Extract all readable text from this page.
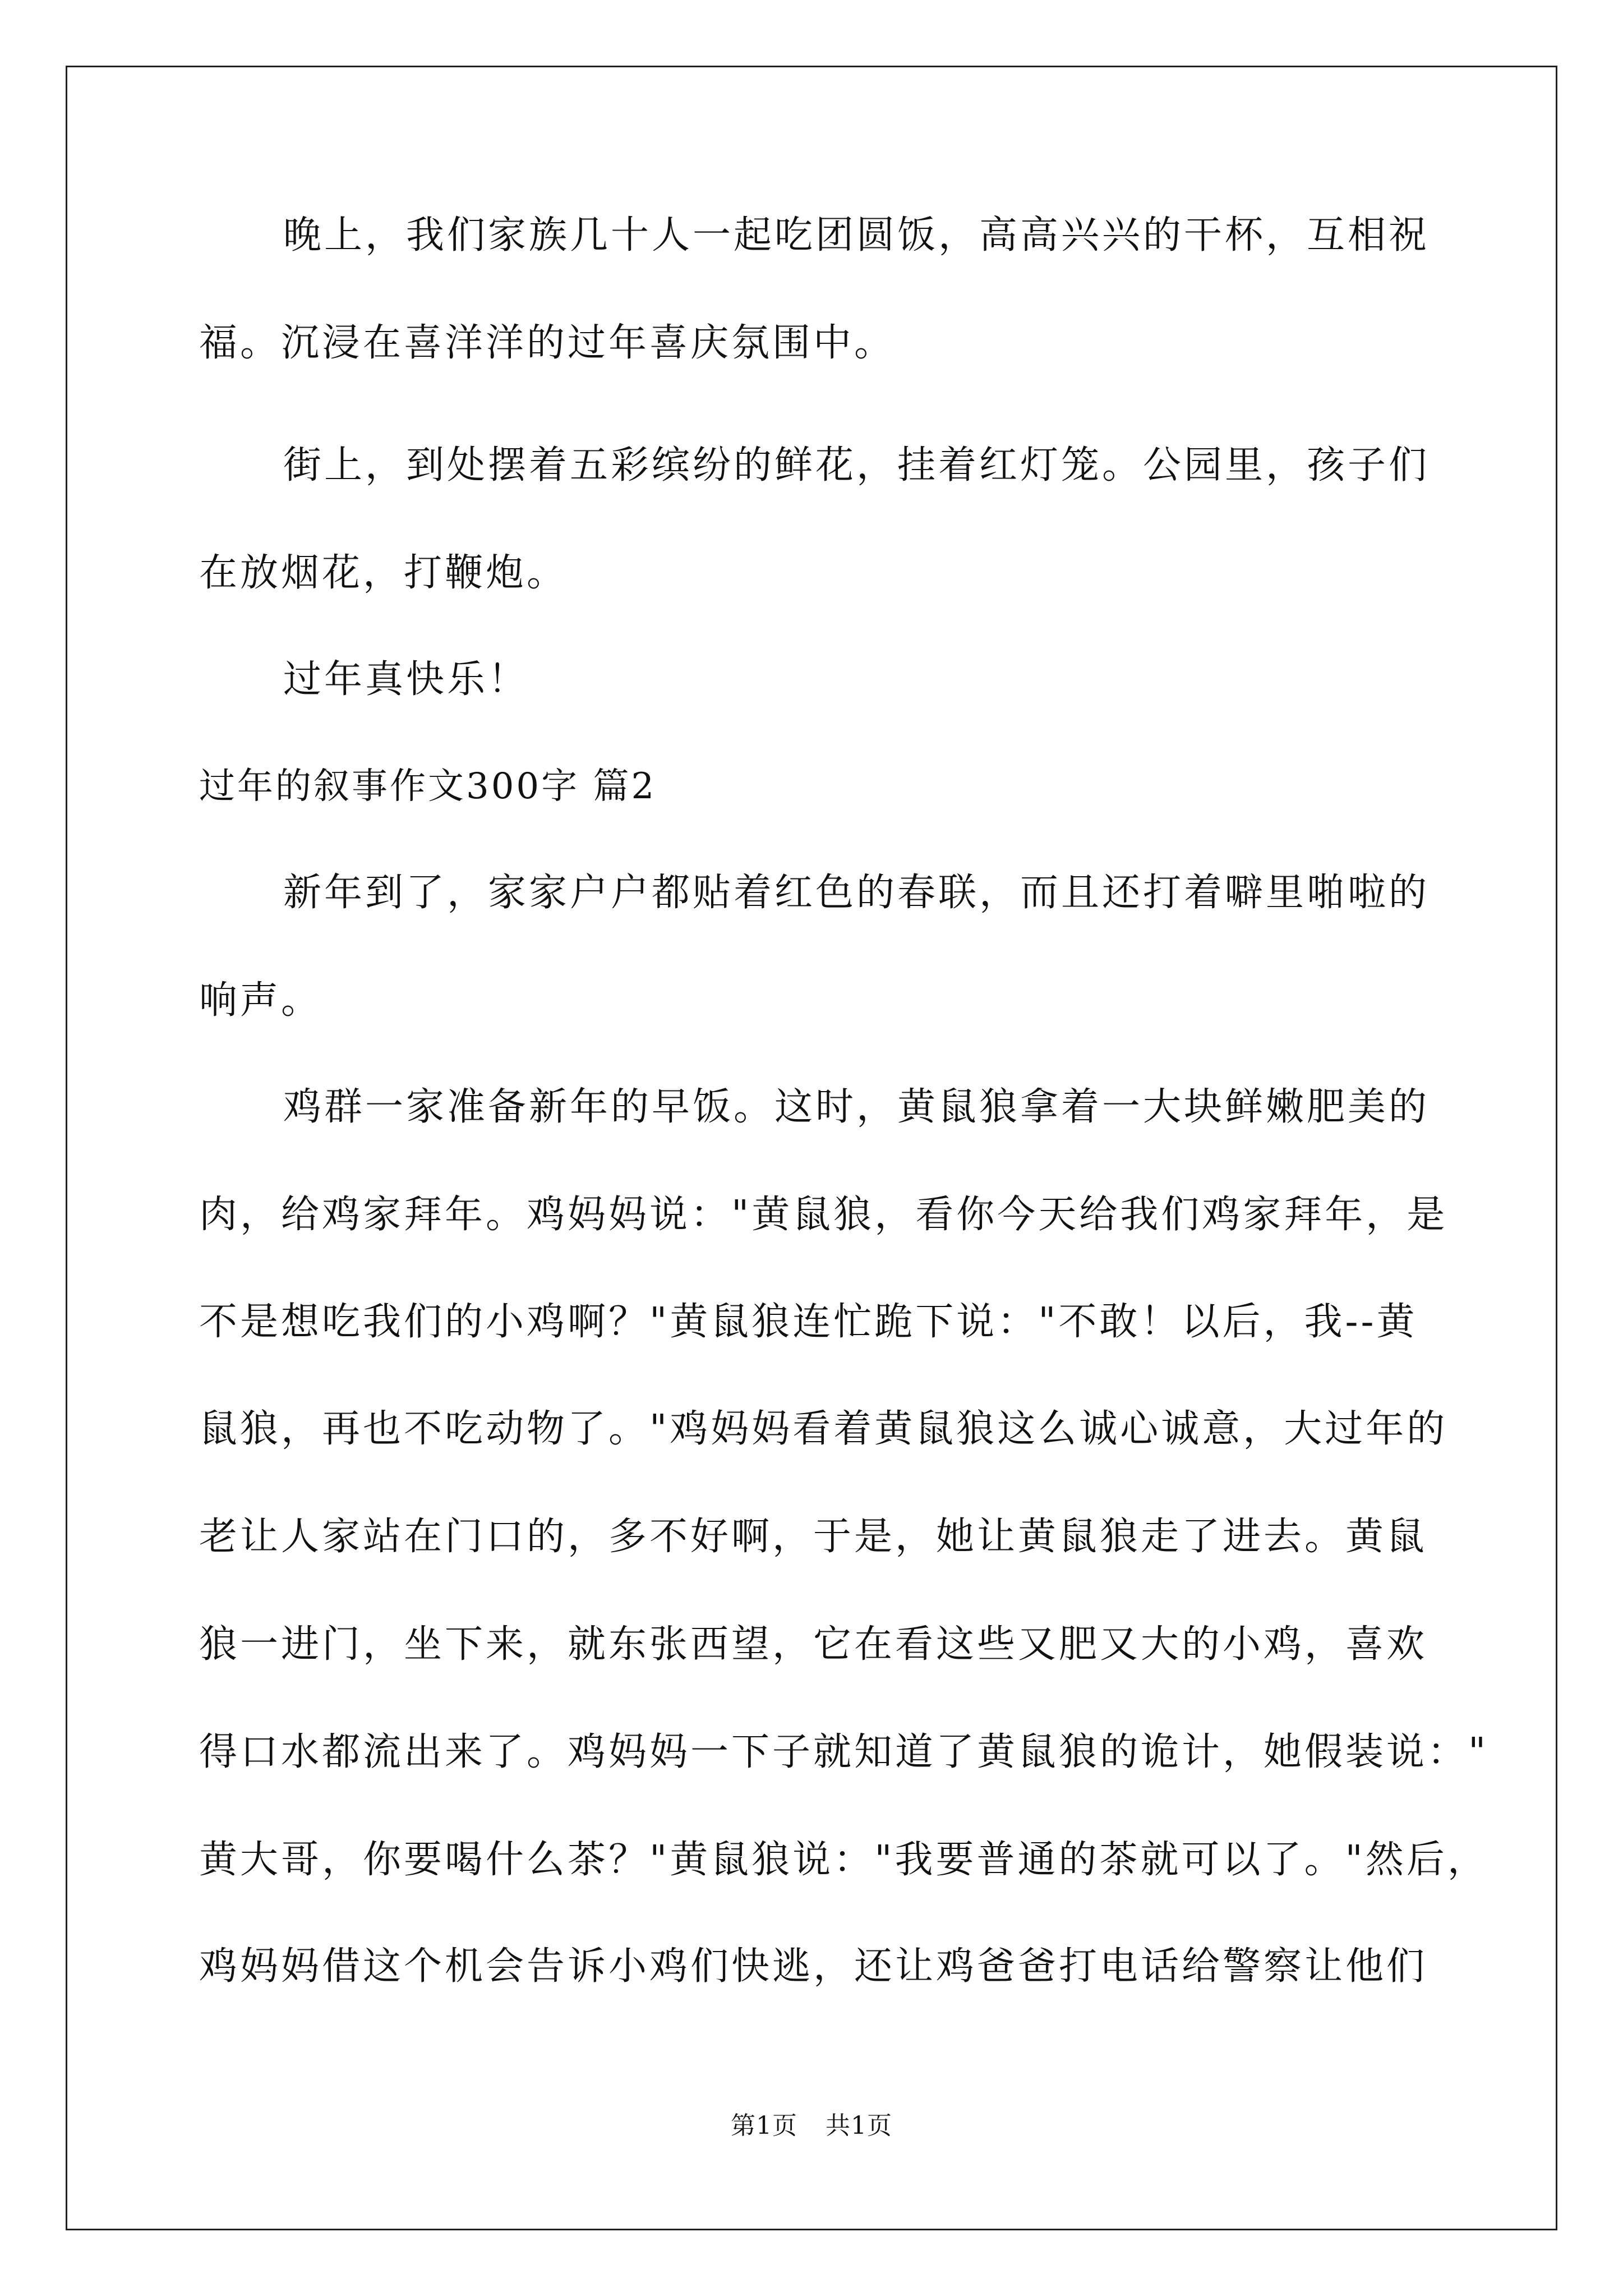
晚上，我们家族几十人一起吃团圆饭，高高兴兴的干杯，互相祝
福。沉浸在喜洋洋的过年喜庆氛围中。
街上，到处摆着五彩缤纷的鲜花，挂着红灯笼。公园里，孩子们
在放烟花，打鞭炮。
过年真快乐！
过年的叙事作文300字 篇2
新年到了，家家户户都贴着红色的春联，而且还打着噼里啪啦的
响声。
鸡群一家准备新年的早饭。这时，黄鼠狼拿着一大块鲜嫩肥美的
肉，给鸡家拜年。鸡妈妈说："黄鼠狼，看你今天给我们鸡家拜年，是
不是想吃我们的小鸡啊？"黄鼠狼连忙跪下说："不敢！以后，我--黄
鼠狼，再也不吃动物了。"鸡妈妈看着黄鼠狼这么诚心诚意，大过年的
老让人家站在门口的，多不好啊，于是，她让黄鼠狼走了进去。黄鼠
狼一进门，坐下来，就东张西望，它在看这些又肥又大的小鸡，喜欢
得口水都流出来了。鸡妈妈一下子就知道了黄鼠狼的诡计，她假装说："
黄大哥，你要喝什么茶？"黄鼠狼说："我要普通的茶就可以了。"然后，
鸡妈妈借这个机会告诉小鸡们快逃，还让鸡爸爸打电话给警察让他们
第1页 共1页
